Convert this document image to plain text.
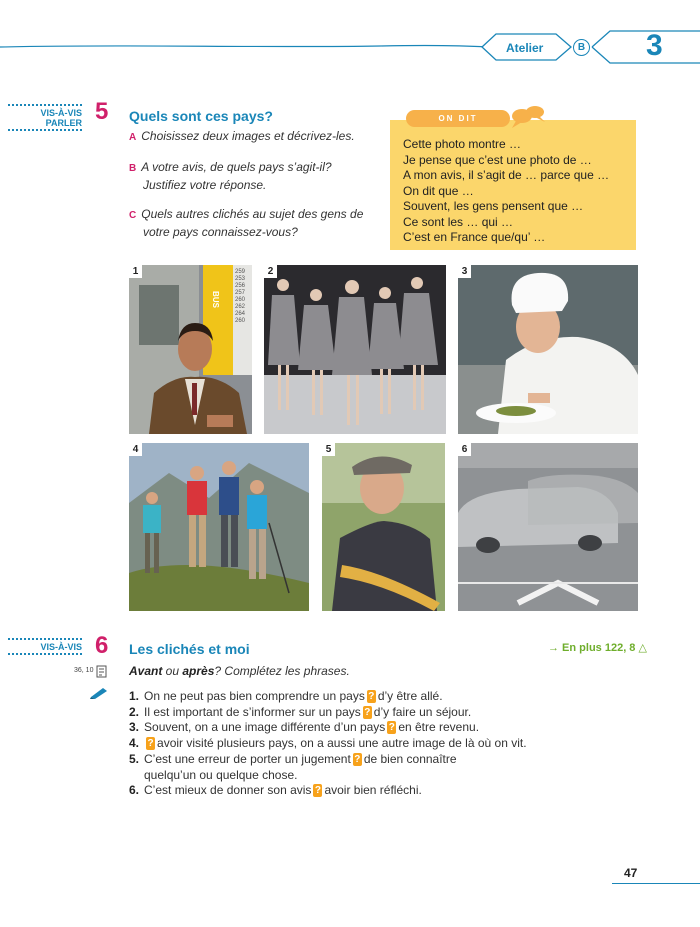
Atelier	B 3
VIS-À-VIS
PARLER 5 Quels sont ces pays?
A Choisissez deux images et décrivez-les.
B A votre avis, de quels pays s’agit-il?
Justifiez votre réponse.
C Quels autres clichés au sujet des gens de
votre pays connaissez-vous?
ON DIT
Cette photo montre …
Je pense que c’est une photo de …
A mon avis, il s’agit de … parce que …
On dit que …
Souvent, les gens pensent que …
Ce sont les … qui …
C’est en France que/qu’ …
BUS
259
253
256
257
260
262
264
260
1	2	3
4	5	6
VIS-À-VIS 6 Les clichés et moi	→ En plus 122, 8 △
36, 10	Avant ou après? Complétez les phrases.
1. On ne peut pas bien comprendre un pays ? d’y être allé.
2. Il est important de s’informer sur un pays ? d’y faire un séjour.
3. Souvent, on a une image différente d’un pays ? en être revenu.
4. ? avoir visité plusieurs pays, on a aussi une autre image de là où on vit.
5. C’est une erreur de porter un jugement ? de bien connaître
quelqu’un ou quelque chose.
6. C’est mieux de donner son avis ? avoir bien réfléchi.
47
